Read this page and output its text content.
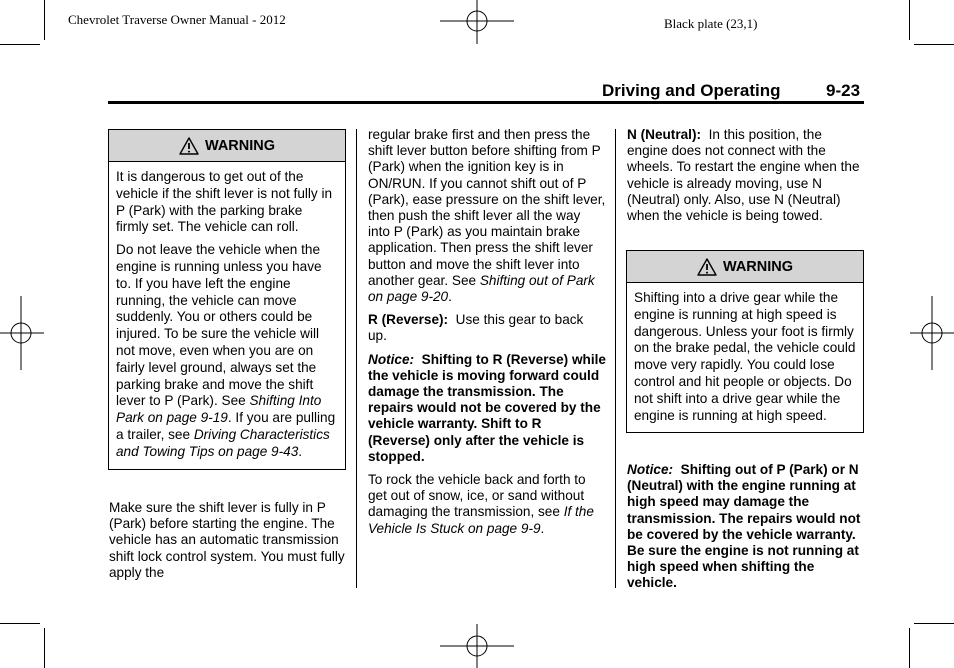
Chevrolet Traverse Owner Manual - 2012	Black plate (23,1)
Driving and Operating	9-23
WARNING

It is dangerous to get out of the vehicle if the shift lever is not fully in P (Park) with the parking brake firmly set. The vehicle can roll.

Do not leave the vehicle when the engine is running unless you have to. If you have left the engine running, the vehicle can move suddenly. You or others could be injured. To be sure the vehicle will not move, even when you are on fairly level ground, always set the parking brake and move the shift lever to P (Park). See Shifting Into Park on page 9-19. If you are pulling a trailer, see Driving Characteristics and Towing Tips on page 9-43.

Make sure the shift lever is fully in P (Park) before starting the engine. The vehicle has an automatic transmission shift lock control system. You must fully apply the

regular brake first and then press the shift lever button before shifting from P (Park) when the ignition key is in ON/RUN. If you cannot shift out of P (Park), ease pressure on the shift lever, then push the shift lever all the way into P (Park) as you maintain brake application. Then press the shift lever button and move the shift lever into another gear. See Shifting out of Park on page 9-20.

R (Reverse): Use this gear to back up.

Notice: Shifting to R (Reverse) while the vehicle is moving forward could damage the transmission. The repairs would not be covered by the vehicle warranty. Shift to R (Reverse) only after the vehicle is stopped.

To rock the vehicle back and forth to get out of snow, ice, or sand without damaging the transmission, see If the Vehicle Is Stuck on page 9-9.

N (Neutral): In this position, the engine does not connect with the wheels. To restart the engine when the vehicle is already moving, use N (Neutral) only. Also, use N (Neutral) when the vehicle is being towed.

WARNING

Shifting into a drive gear while the engine is running at high speed is dangerous. Unless your foot is firmly on the brake pedal, the vehicle could move very rapidly. You could lose control and hit people or objects. Do not shift into a drive gear while the engine is running at high speed.

Notice: Shifting out of P (Park) or N (Neutral) with the engine running at high speed may damage the transmission. The repairs would not be covered by the vehicle warranty. Be sure the engine is not running at high speed when shifting the vehicle.
